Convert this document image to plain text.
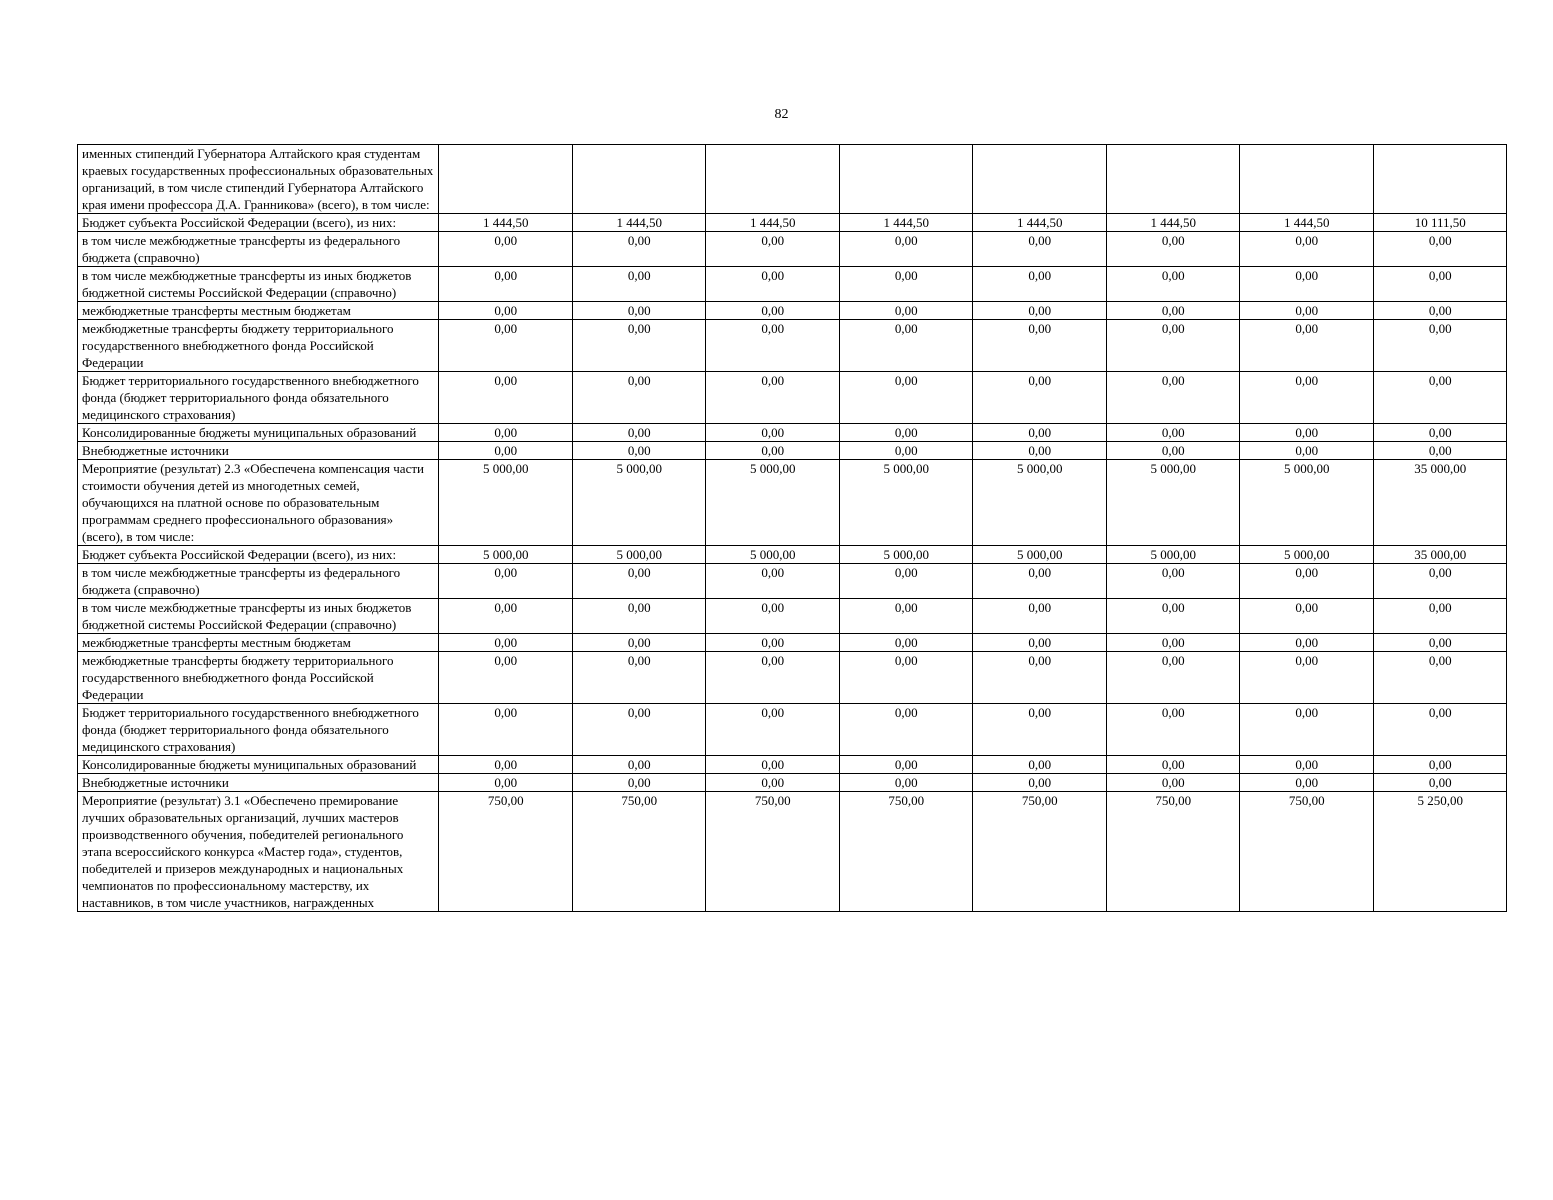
82
именных стипендий Губернатора Алтайского края студентам краевых государственных профессиональных образовательных организаций, в том числе стипендий Губернатора Алтайского края имени профессора Д.А. Гранникова» (всего), в том числе:								
Бюджет субъекта Российской Федерации (всего), из них:	1 444,50	1 444,50	1 444,50	1 444,50	1 444,50	1 444,50	1 444,50	10 111,50
в том числе межбюджетные трансферты из федерального бюджета (справочно)	0,00	0,00	0,00	0,00	0,00	0,00	0,00	0,00
в том числе межбюджетные трансферты из иных бюджетов бюджетной системы Российской Федерации (справочно)	0,00	0,00	0,00	0,00	0,00	0,00	0,00	0,00
межбюджетные трансферты местным бюджетам	0,00	0,00	0,00	0,00	0,00	0,00	0,00	0,00
межбюджетные трансферты бюджету территориального государственного внебюджетного фонда Российской Федерации	0,00	0,00	0,00	0,00	0,00	0,00	0,00	0,00
Бюджет территориального государственного внебюджетного фонда (бюджет территориального фонда обязательного медицинского страхования)	0,00	0,00	0,00	0,00	0,00	0,00	0,00	0,00
Консолидированные бюджеты муниципальных образований	0,00	0,00	0,00	0,00	0,00	0,00	0,00	0,00
Внебюджетные источники	0,00	0,00	0,00	0,00	0,00	0,00	0,00	0,00
Мероприятие (результат) 2.3 «Обеспечена компенсация части стоимости обучения детей из многодетных семей, обучающихся на платной основе по образовательным программам среднего профессионального образования» (всего), в том числе:	5 000,00	5 000,00	5 000,00	5 000,00	5 000,00	5 000,00	5 000,00	35 000,00
Бюджет субъекта Российской Федерации (всего), из них:	5 000,00	5 000,00	5 000,00	5 000,00	5 000,00	5 000,00	5 000,00	35 000,00
в том числе межбюджетные трансферты из федерального бюджета (справочно)	0,00	0,00	0,00	0,00	0,00	0,00	0,00	0,00
в том числе межбюджетные трансферты из иных бюджетов бюджетной системы Российской Федерации (справочно)	0,00	0,00	0,00	0,00	0,00	0,00	0,00	0,00
межбюджетные трансферты местным бюджетам	0,00	0,00	0,00	0,00	0,00	0,00	0,00	0,00
межбюджетные трансферты бюджету территориального государственного внебюджетного фонда Российской Федерации	0,00	0,00	0,00	0,00	0,00	0,00	0,00	0,00
Бюджет территориального государственного внебюджетного фонда (бюджет территориального фонда обязательного медицинского страхования)	0,00	0,00	0,00	0,00	0,00	0,00	0,00	0,00
Консолидированные бюджеты муниципальных образований	0,00	0,00	0,00	0,00	0,00	0,00	0,00	0,00
Внебюджетные источники	0,00	0,00	0,00	0,00	0,00	0,00	0,00	0,00
Мероприятие (результат) 3.1 «Обеспечено премирование лучших образовательных организаций, лучших мастеров производственного обучения, победителей регионального этапа всероссийского конкурса «Мастер года», студентов, победителей и призеров международных и национальных чемпионатов по профессиональному мастерству, их наставников, в том числе участников, награжденных	750,00	750,00	750,00	750,00	750,00	750,00	750,00	5 250,00
